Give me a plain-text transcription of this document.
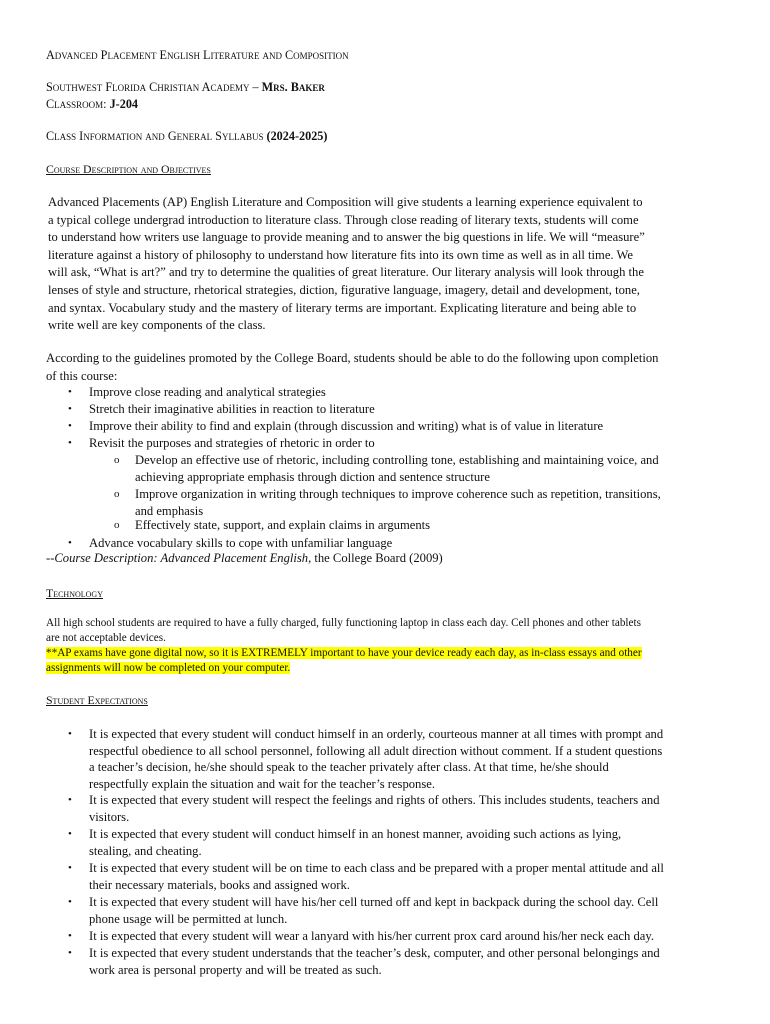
Advanced Placement English Literature and Composition
Southwest Florida Christian Academy – Mrs. Baker
Classroom: J-204
Class Information and General Syllabus (2024-2025)
Course Description and Objectives
Advanced Placements (AP) English Literature and Composition will give students a learning experience equivalent to
a typical college undergrad introduction to literature class. Through close reading of literary texts, students will come
to understand how writers use language to provide meaning and to answer the big questions in life. We will “measure”
literature against a history of philosophy to understand how literature fits into its own time as well as in all time. We
will ask, “What is art?” and try to determine the qualities of great literature. Our literary analysis will look through the
lenses of style and structure, rhetorical strategies, diction, figurative language, imagery, detail and development, tone,
and syntax. Vocabulary study and the mastery of literary terms are important. Explicating literature and being able to
write well are key components of the class.
According to the guidelines promoted by the College Board, students should be able to do the following upon completion
of this course:
• Improve close reading and analytical strategies
• Stretch their imaginative abilities in reaction to literature
• Improve their ability to find and explain (through discussion and writing) what is of value in literature
• Revisit the purposes and strategies of rhetoric in order to
o Develop an effective use of rhetoric, including controlling tone, establishing and maintaining voice, and
achieving appropriate emphasis through diction and sentence structure
o Improve organization in writing through techniques to improve coherence such as repetition, transitions,
and emphasis
o Effectively state, support, and explain claims in arguments
• Advance vocabulary skills to cope with unfamiliar language
--Course Description: Advanced Placement English, the College Board (2009)
Technology
All high school students are required to have a fully charged, fully functioning laptop in class each day. Cell phones and other tablets
are not acceptable devices.
**AP exams have gone digital now, so it is EXTREMELY important to have your device ready each day, as in-class essays and other
assignments will now be completed on your computer.
Student Expectations
• It is expected that every student will conduct himself in an orderly, courteous manner at all times with prompt and
respectful obedience to all school personnel, following all adult direction without comment. If a student questions
a teacher’s decision, he/she should speak to the teacher privately after class. At that time, he/she should
respectfully explain the situation and wait for the teacher’s response.
• It is expected that every student will respect the feelings and rights of others. This includes students, teachers and
visitors.
• It is expected that every student will conduct himself in an honest manner, avoiding such actions as lying,
stealing, and cheating.
• It is expected that every student will be on time to each class and be prepared with a proper mental attitude and all
their necessary materials, books and assigned work.
• It is expected that every student will have his/her cell turned off and kept in backpack during the school day. Cell
phone usage will be permitted at lunch.
• It is expected that every student will wear a lanyard with his/her current prox card around his/her neck each day.
• It is expected that every student understands that the teacher’s desk, computer, and other personal belongings and
work area is personal property and will be treated as such.
